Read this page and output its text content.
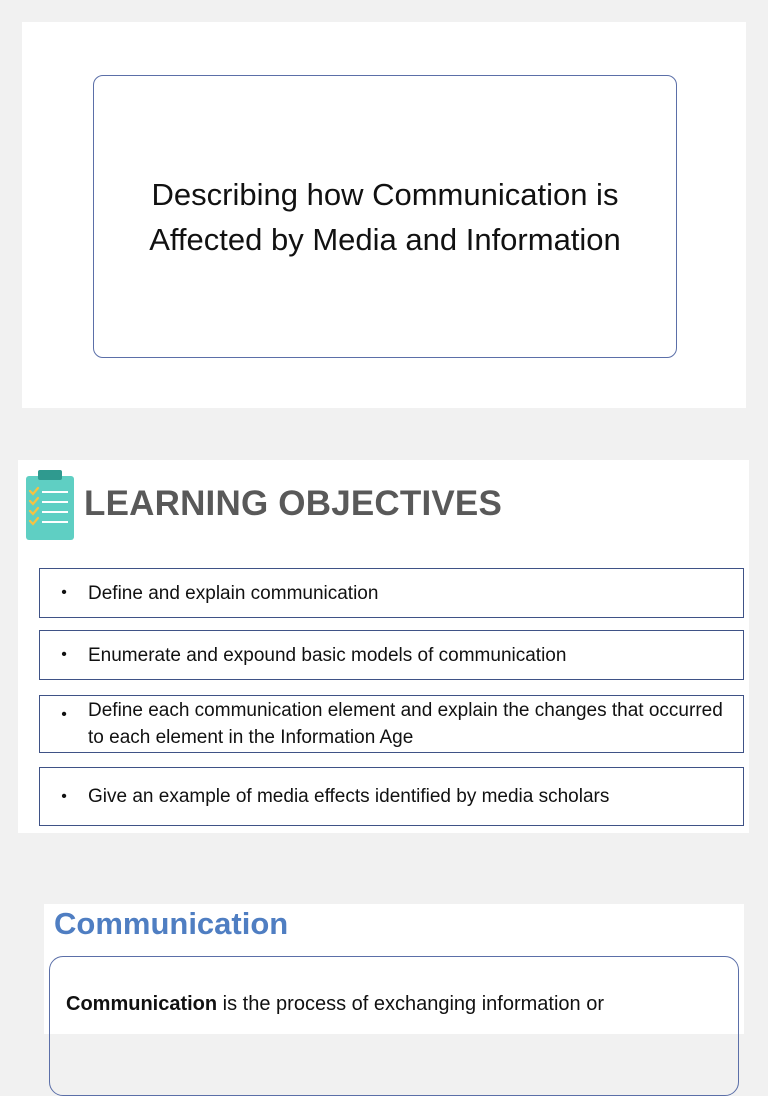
Describing how Communication is Affected by Media and Information
LEARNING OBJECTIVES
•	Define and explain communication
•	Enumerate and expound basic models of communication
•	Define each communication element and explain the changes that occurred to each element in the Information Age
•	Give an example of media effects identified by media scholars
Communication
Communication is the process of exchanging information or
